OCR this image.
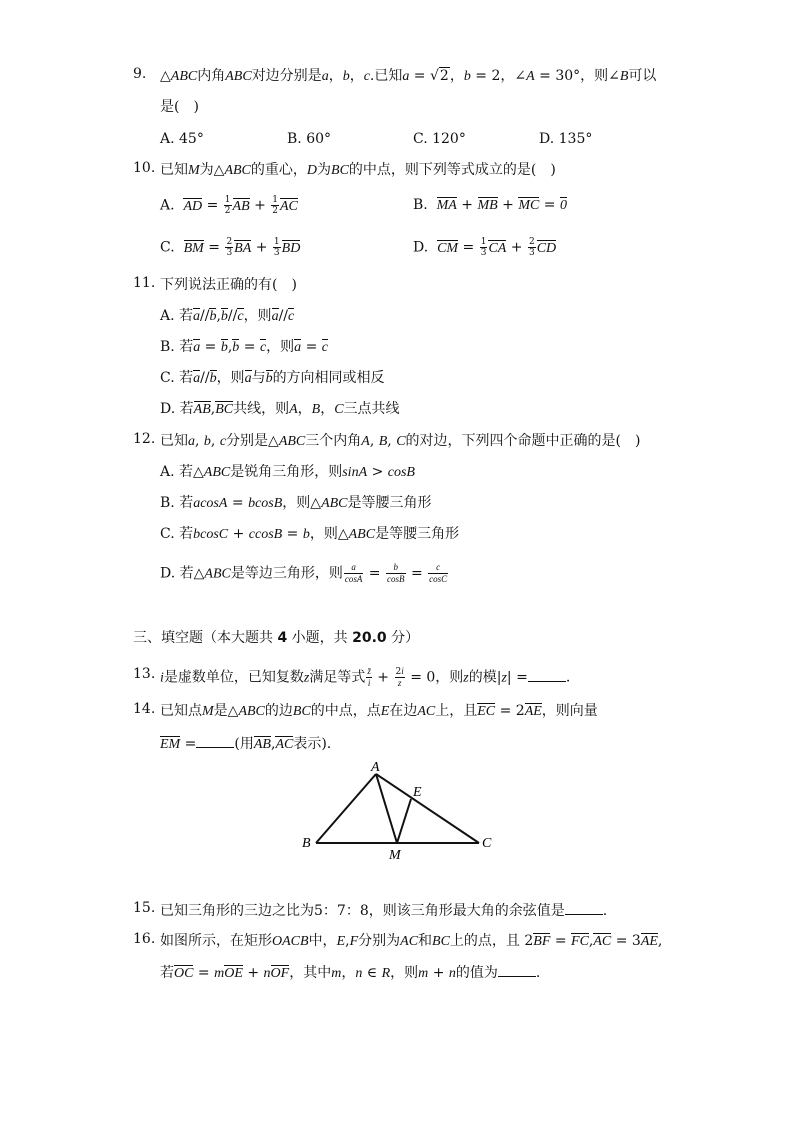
9. △ABC内角ABC对边分别是a，b，c.已知a = √2，b = 2，∠A = 30°，则∠B可以
是(　)
A. 45°	B. 60°	C. 120°	D. 135°
10. 已知M为△ABC的重心，D为BC的中点，则下列等式成立的是(　)
A.  AD = $\frac{1}{2}$ AB + $\frac{1}{2}$ AC	B.  MA + MB + MC = 0
C.  BM = $\frac{2}{3}$ BA + $\frac{1}{3}$ BD	D.  CM = $\frac{1}{3}$ CA + $\frac{2}{3}$ CD
11. 下列说法正确的有(　)
A. 若a//b,b//c，则a//c
B. 若a = b,b = c，则a = c
C. 若a//b，则a与b的方向相同或相反
D. 若AB,BC共线，则A，B，C三点共线
12. 已知a, b, c分别是△ABC三个内角A, B, C的对边，下列四个命题中正确的是(　)
A. 若△ABC是锐角三角形，则sinA > cosB
B. 若acosA = bcosB，则△ABC是等腰三角形
C. 若bcosC + ccosB = b，则△ABC是等腰三角形
D. 若△ABC是等边三角形，则 $\frac{a}{\cos A} = \frac{b}{\cos B} = \frac{c}{\cos C}$
三、填空题（本大题共 4 小题，共 20.0 分）
13. i是虚数单位，已知复数z满足等式 $\frac{z̄}{i} + \frac{2i}{z} = 0$，则z的模|z| =	.
14. 已知点M是△ABC的边BC的中点，点E在边AC上，且EC = 2AE，则向量
EM =	(用AB,AC表示).
A
E
B
M
C
15. 已知三角形的三边之比为5：7：8，则该三角形最大角的余弦值是	.
16. 如图所示，在矩形OACB中，E,F分别为AC和BC上的点，且 2BF = FC,AC = 3AE,
若OC = mOE + nOF，其中m，n ∈ R，则m + n的值为	.
